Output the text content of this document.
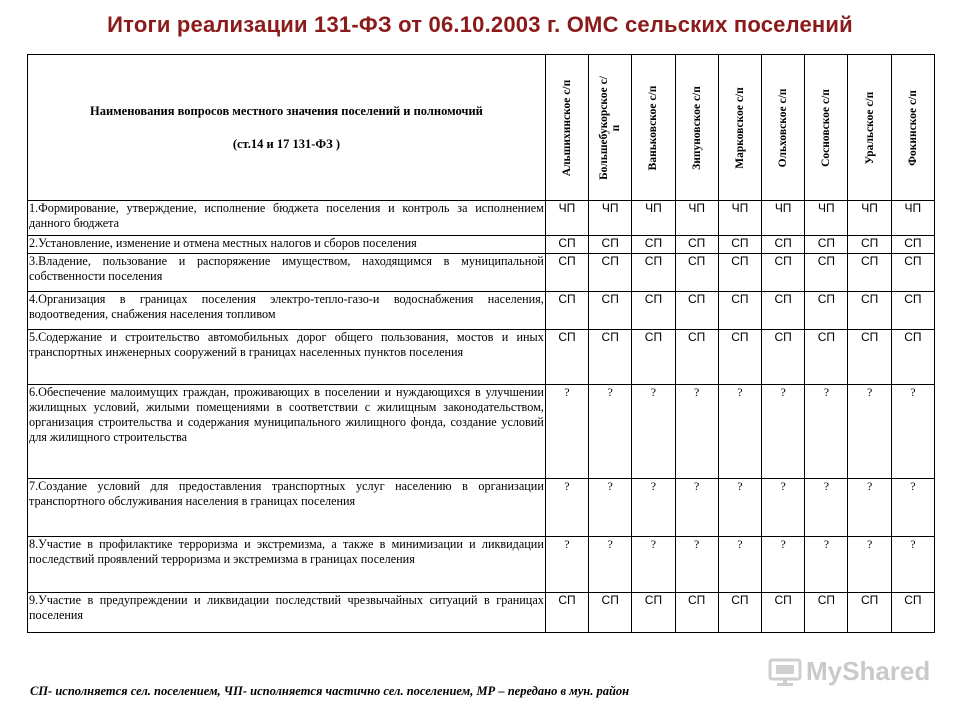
Итоги реализации 131-ФЗ от 06.10.2003 г. ОМС сельских поселений
Наименования вопросов местного значения поселений и полномочий
(ст.14 и 17 131-ФЗ )	Альшихинское с/п	Большебукорское с/п	Ваньковское с/п	Зипуновское с/п	Марковское с/п	Ольховское с/п	Сосновское с/п	Уральское с/п	Фокинское с/п

1.Формирование, утверждение, исполнение бюджета поселения и контроль за исполнением данного бюджета	ЧП	ЧП	ЧП	ЧП	ЧП	ЧП	ЧП	ЧП	ЧП
2.Установление, изменение и отмена местных налогов и сборов поселения	СП	СП	СП	СП	СП	СП	СП	СП	СП
3.Владение, пользование и распоряжение имуществом, находящимся в муниципальной собственности поселения	СП	СП	СП	СП	СП	СП	СП	СП	СП
4.Организация в границах поселения электро-тепло-газо-и водоснабжения населения, водоотведения, снабжения населения топливом	СП	СП	СП	СП	СП	СП	СП	СП	СП
5.Содержание и строительство автомобильных дорог общего пользования, мостов и иных транспортных инженерных сооружений в границах населенных пунктов поселения	СП	СП	СП	СП	СП	СП	СП	СП	СП
6.Обеспечение малоимущих граждан, проживающих в поселении и нуждающихся в улучшении жилищных условий, жилыми помещениями в соответствии с жилищным законодательством, организация строительства и содержания муниципального жилищного фонда, создание условий для жилищного строительства	?	?	?	?	?	?	?	?	?
7.Создание условий для предоставления транспортных услуг населению в организации транспортного обслуживания населения в границах поселения	?	?	?	?	?	?	?	?	?
8.Участие в профилактике терроризма и экстремизма, а также в минимизации и ликвидации последствий проявлений терроризма и экстремизма в границах поселения	?	?	?	?	?	?	?	?	?
9.Участие в предупреждении и ликвидации последствий чрезвычайных ситуаций в границах поселения	СП	СП	СП	СП	СП	СП	СП	СП	СП
СП- исполняется сел. поселением, ЧП- исполняется частично сел. поселением, МР – передано в мун. район
MyShared
